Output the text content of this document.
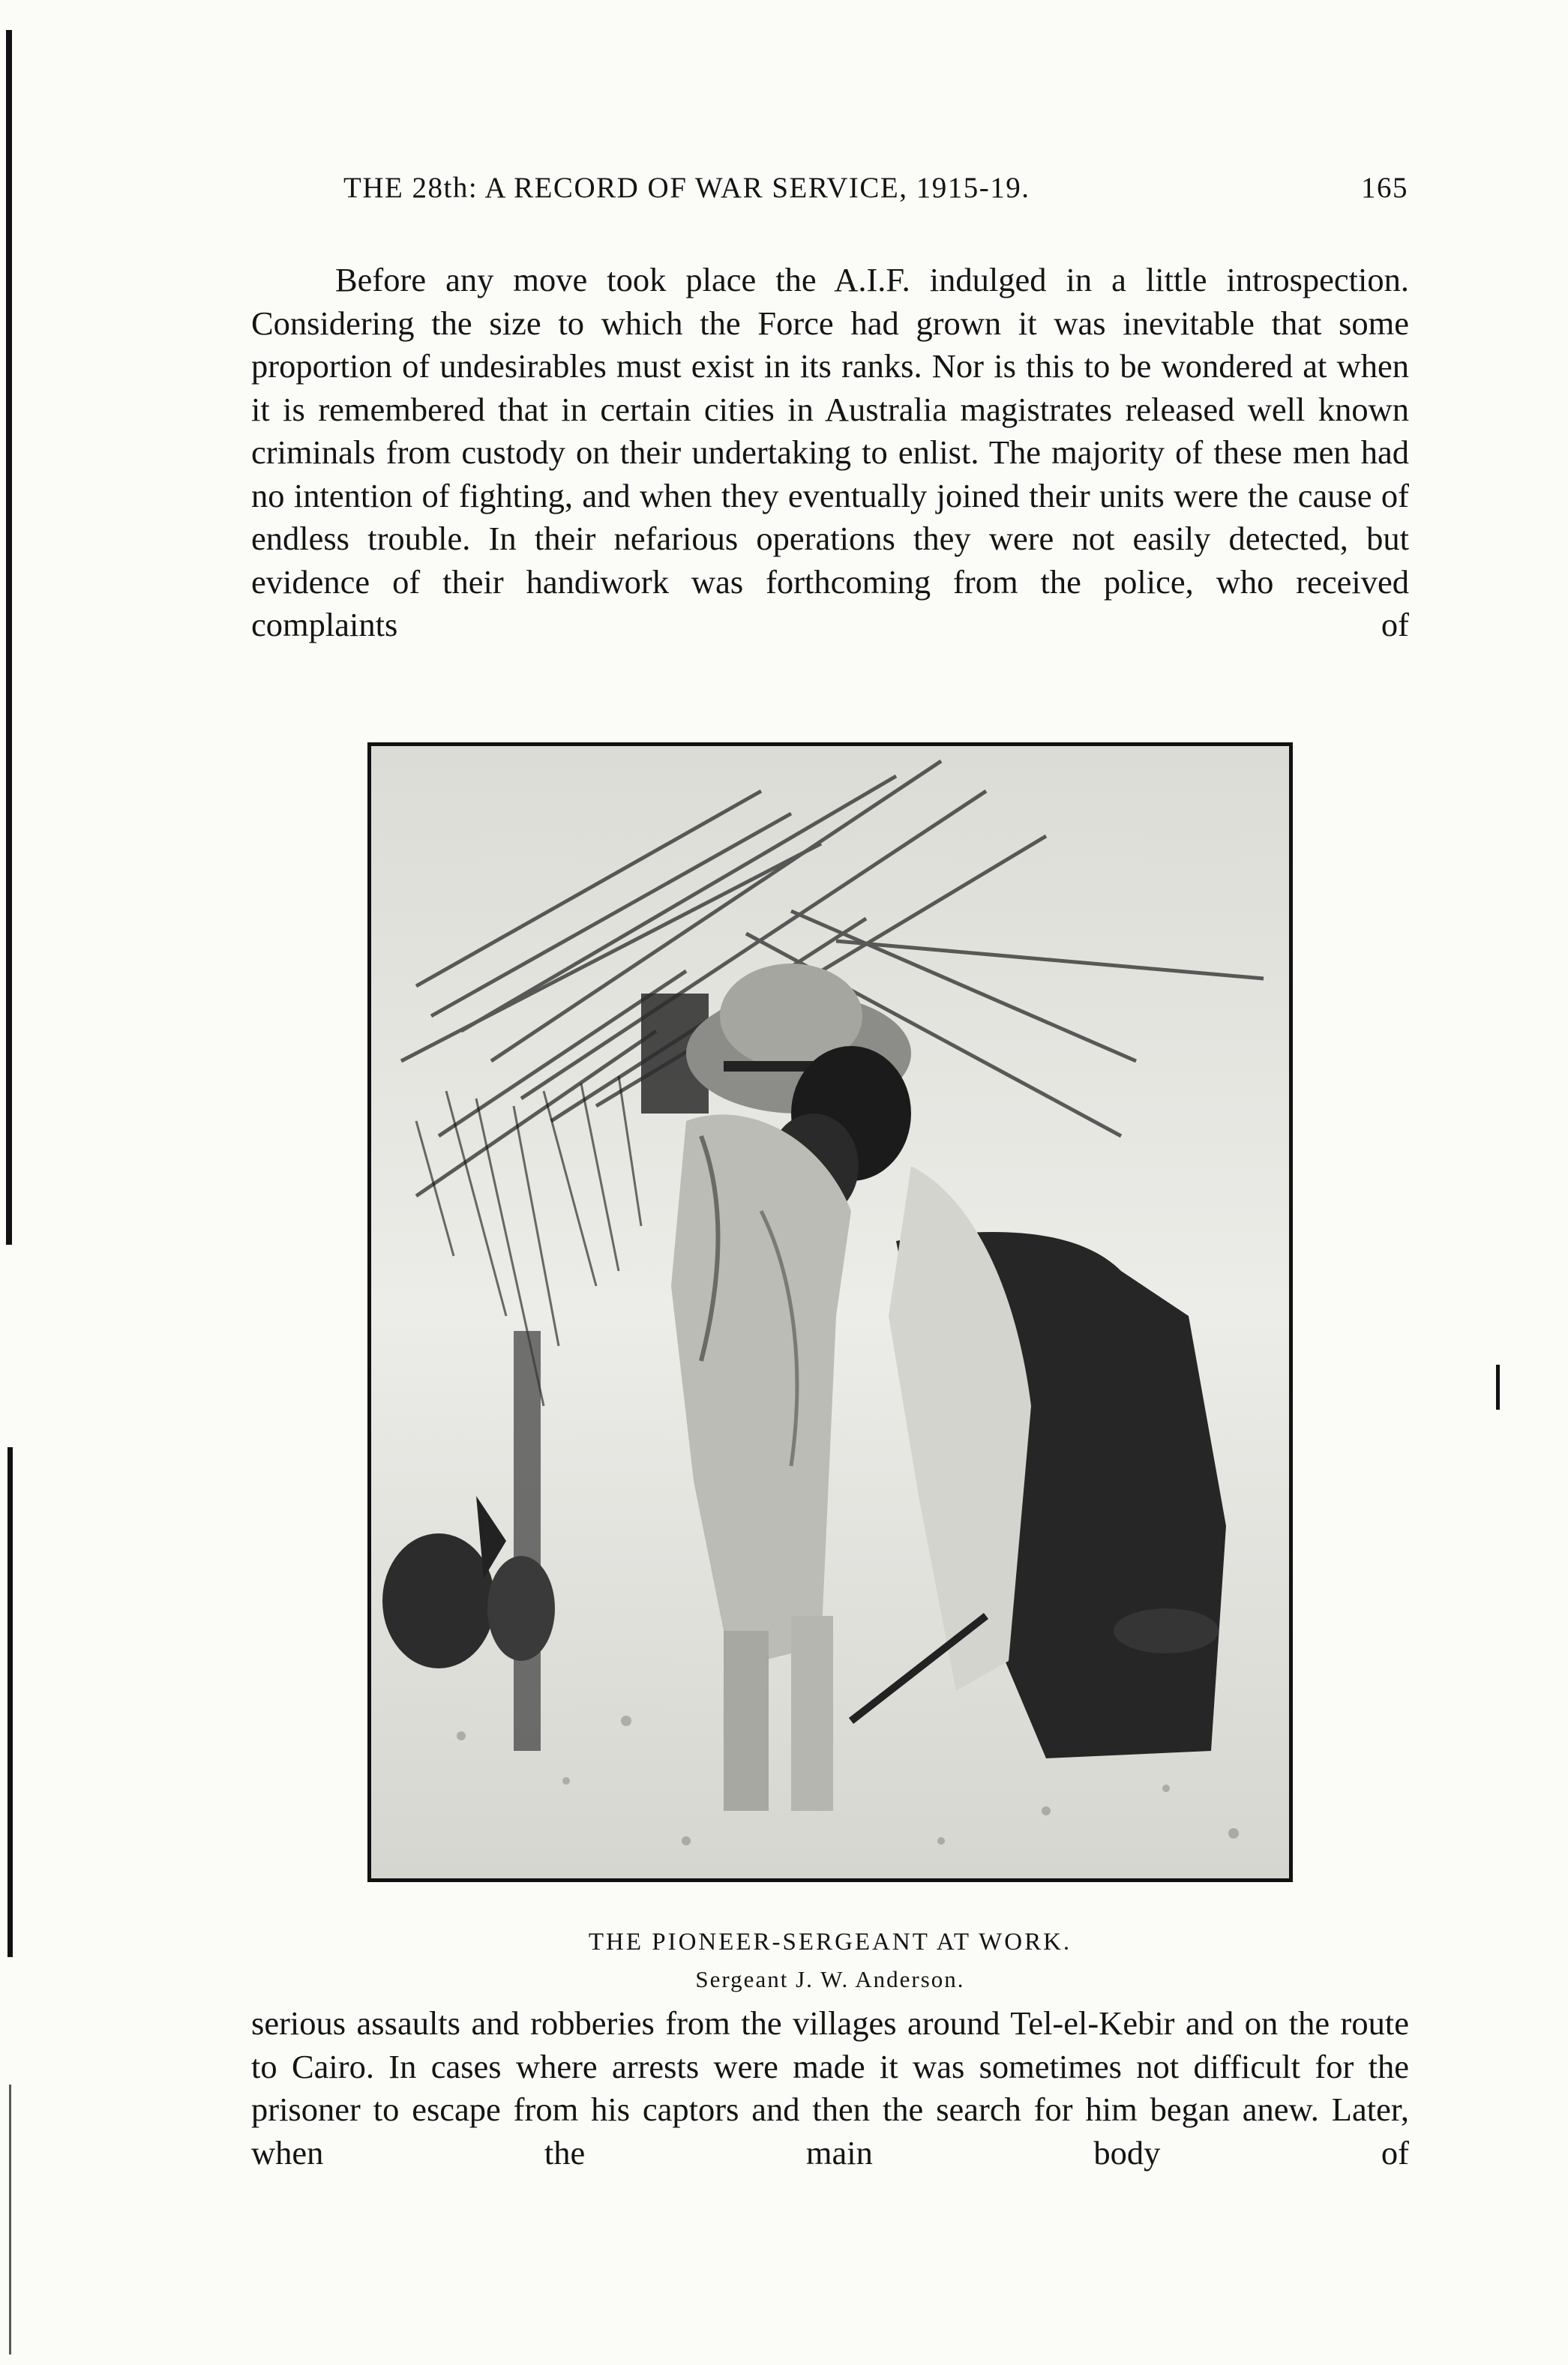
THE 28th: A RECORD OF WAR SERVICE, 1915-19.	165

Before any move took place the A.I.F. indulged in a little introspection. Considering the size to which the Force had grown it was inevitable that some proportion of undesirables must exist in its ranks. Nor is this to be wondered at when it is remembered that in certain cities in Australia magistrates released well known criminals from custody on their undertaking to enlist. The majority of these men had no intention of fighting, and when they eventually joined their units were the cause of endless trouble. In their nefarious operations they were not easily detected, but evidence of their handiwork was forthcoming from the police, who received complaints of

THE PIONEER-SERGEANT AT WORK.
Sergeant J. W. Anderson.

serious assaults and robberies from the villages around Tel-el-Kebir and on the route to Cairo. In cases where arrests were made it was sometimes not difficult for the prisoner to escape from his captors and then the search for him began anew. Later, when the main body of
